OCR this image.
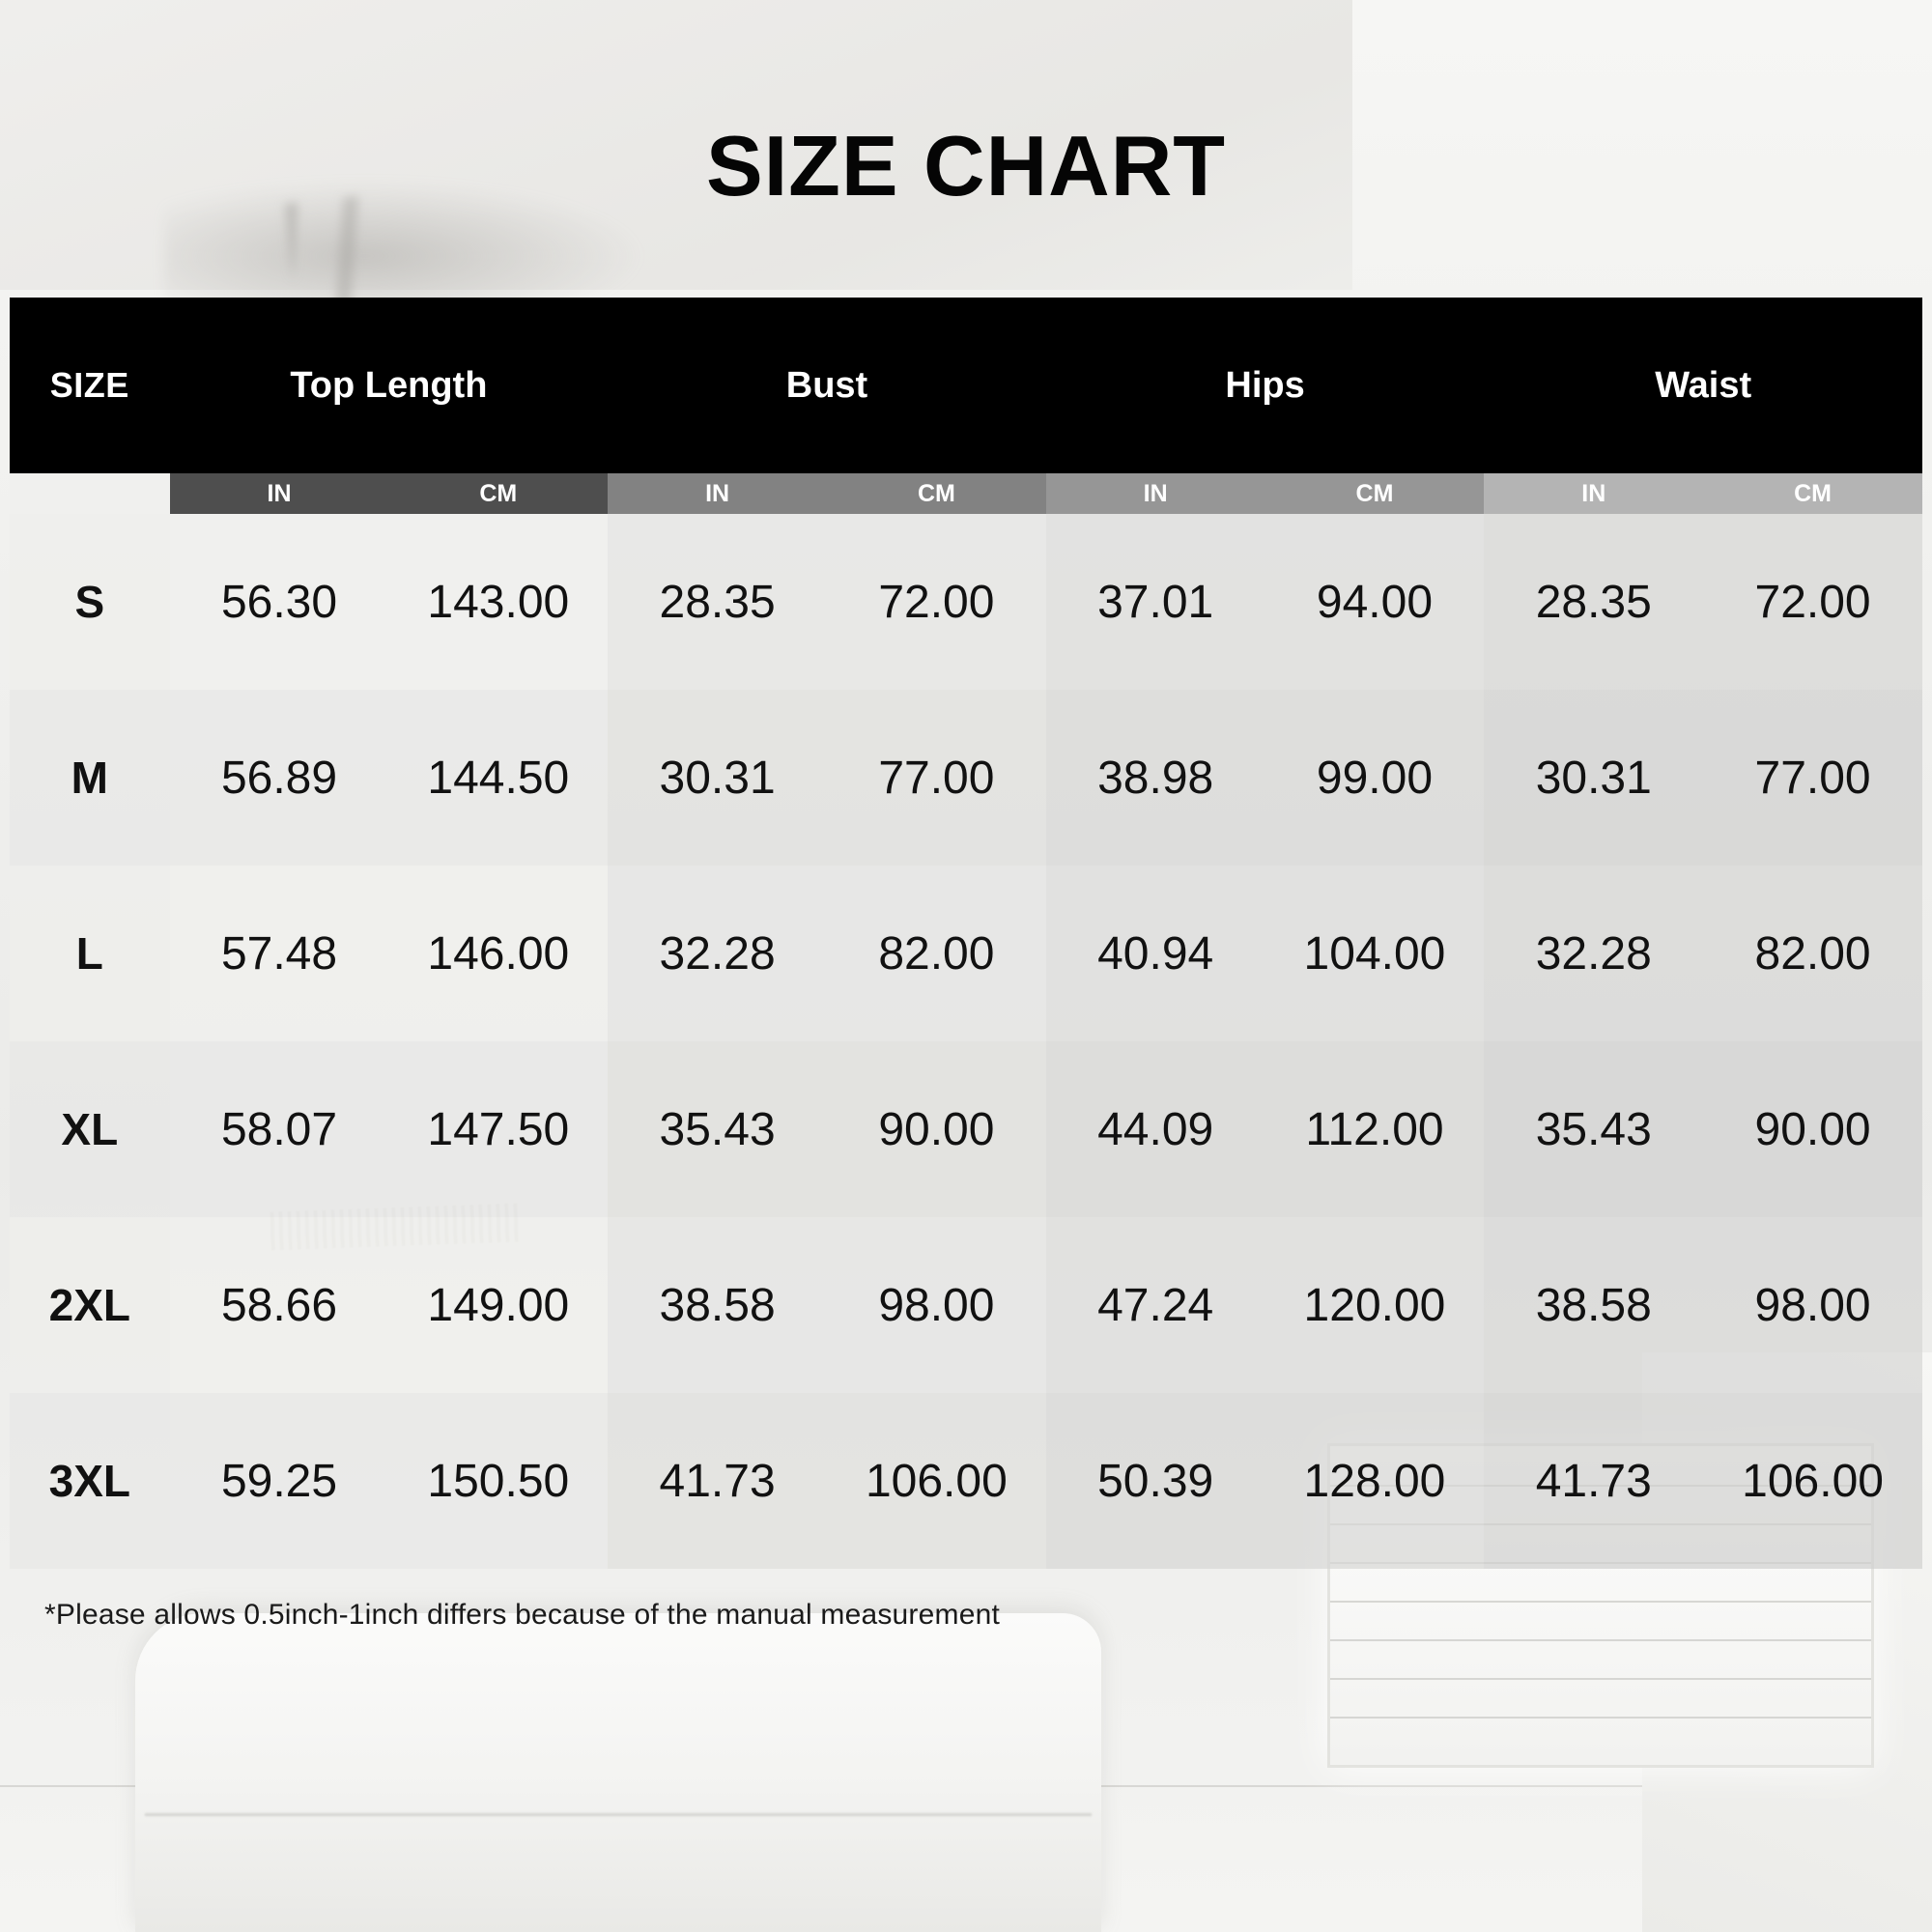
SIZE CHART
SIZE	Top Length		Bust		Hips		Waist	
	IN	CM	IN	CM	IN	CM	IN	CM
S	56.30	143.00	28.35	72.00	37.01	94.00	28.35	72.00
M	56.89	144.50	30.31	77.00	38.98	99.00	30.31	77.00
L	57.48	146.00	32.28	82.00	40.94	104.00	32.28	82.00
XL	58.07	147.50	35.43	90.00	44.09	112.00	35.43	90.00
2XL	58.66	149.00	38.58	98.00	47.24	120.00	38.58	98.00
3XL	59.25	150.50	41.73	106.00	50.39	128.00	41.73	106.00
*Please allows 0.5inch-1inch differs because of the manual measurement
